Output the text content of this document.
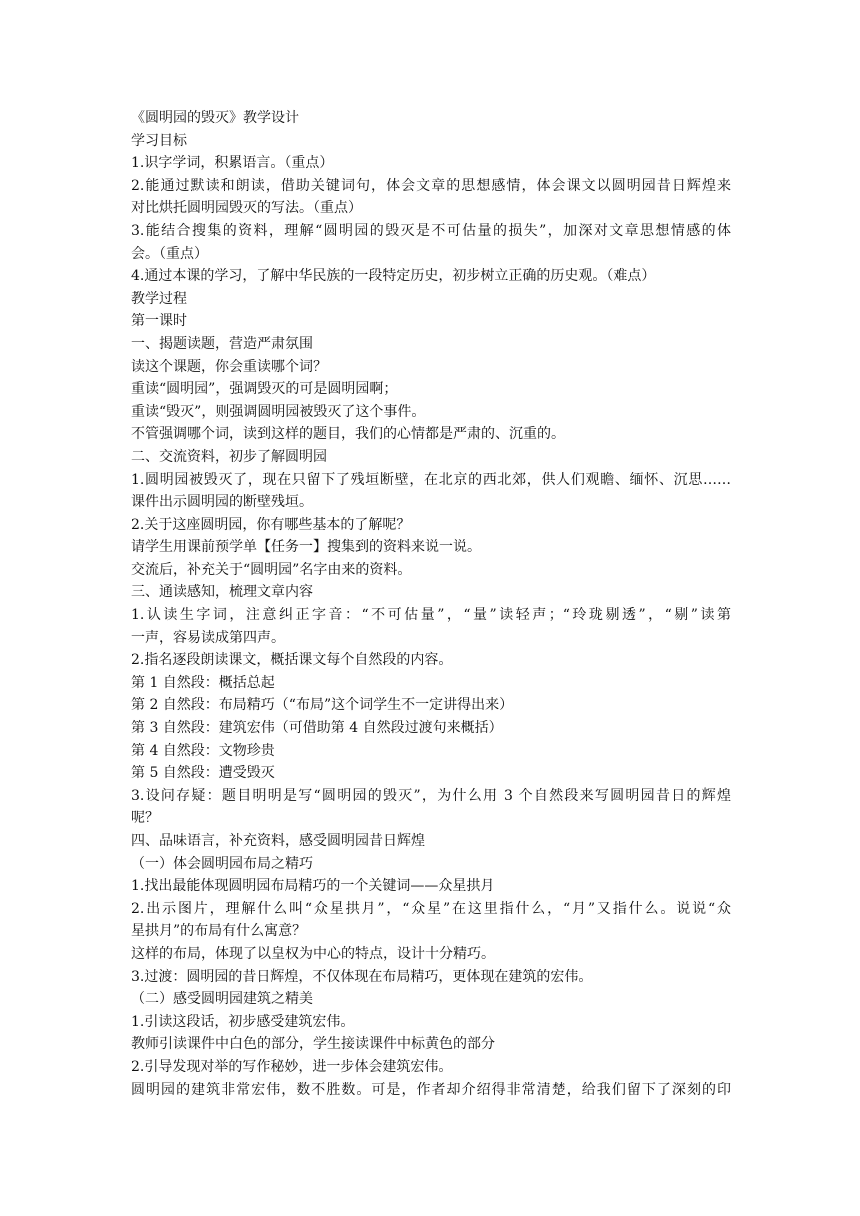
《圆明园的毁灭》教学设计
学习目标
1.识字学词，积累语言。（重点）
2.能通过默读和朗读，借助关键词句，体会文章的思想感情，体会课文以圆明园昔日辉煌来
对比烘托圆明园毁灭的写法。（重点）
3.能结合搜集的资料，理解“圆明园的毁灭是不可估量的损失”，加深对文章思想情感的体
会。（重点）
4.通过本课的学习，了解中华民族的一段特定历史，初步树立正确的历史观。（难点）
教学过程
第一课时
一、揭题读题，营造严肃氛围
读这个课题，你会重读哪个词？
重读“圆明园”，强调毁灭的可是圆明园啊；
重读“毁灭”，则强调圆明园被毁灭了这个事件。
不管强调哪个词，读到这样的题目，我们的心情都是严肃的、沉重的。
二、交流资料，初步了解圆明园
1.圆明园被毁灭了，现在只留下了残垣断壁，在北京的西北郊，供人们观瞻、缅怀、沉思……
课件出示圆明园的断壁残垣。
2.关于这座圆明园，你有哪些基本的了解呢？
请学生用课前预学单【任务一】搜集到的资料来说一说。
交流后，补充关于“圆明园”名字由来的资料。
三、通读感知，梳理文章内容
1.认读生字词，注意纠正字音：“不可估量”，“量”读轻声；“玲珑剔透”，“剔”读第
一声，容易读成第四声。
2.指名逐段朗读课文，概括课文每个自然段的内容。
第 1 自然段：概括总起
第 2 自然段：布局精巧（“布局”这个词学生不一定讲得出来）
第 3 自然段：建筑宏伟（可借助第 4 自然段过渡句来概括）
第 4 自然段：文物珍贵
第 5 自然段：遭受毁灭
3.设问存疑：题目明明是写“圆明园的毁灭”，为什么用 3 个自然段来写圆明园昔日的辉煌
呢？
四、品味语言，补充资料，感受圆明园昔日辉煌
（一）体会圆明园布局之精巧
1.找出最能体现圆明园布局精巧的一个关键词——众星拱月
2.出示图片，理解什么叫“众星拱月”，“众星”在这里指什么，“月”又指什么。说说“众
星拱月”的布局有什么寓意？
这样的布局，体现了以皇权为中心的特点，设计十分精巧。
3.过渡：圆明园的昔日辉煌，不仅体现在布局精巧，更体现在建筑的宏伟。
（二）感受圆明园建筑之精美
1.引读这段话，初步感受建筑宏伟。
教师引读课件中白色的部分，学生接读课件中标黄色的部分
2.引导发现对举的写作秘妙，进一步体会建筑宏伟。
圆明园的建筑非常宏伟，数不胜数。可是，作者却介绍得非常清楚，给我们留下了深刻的印
